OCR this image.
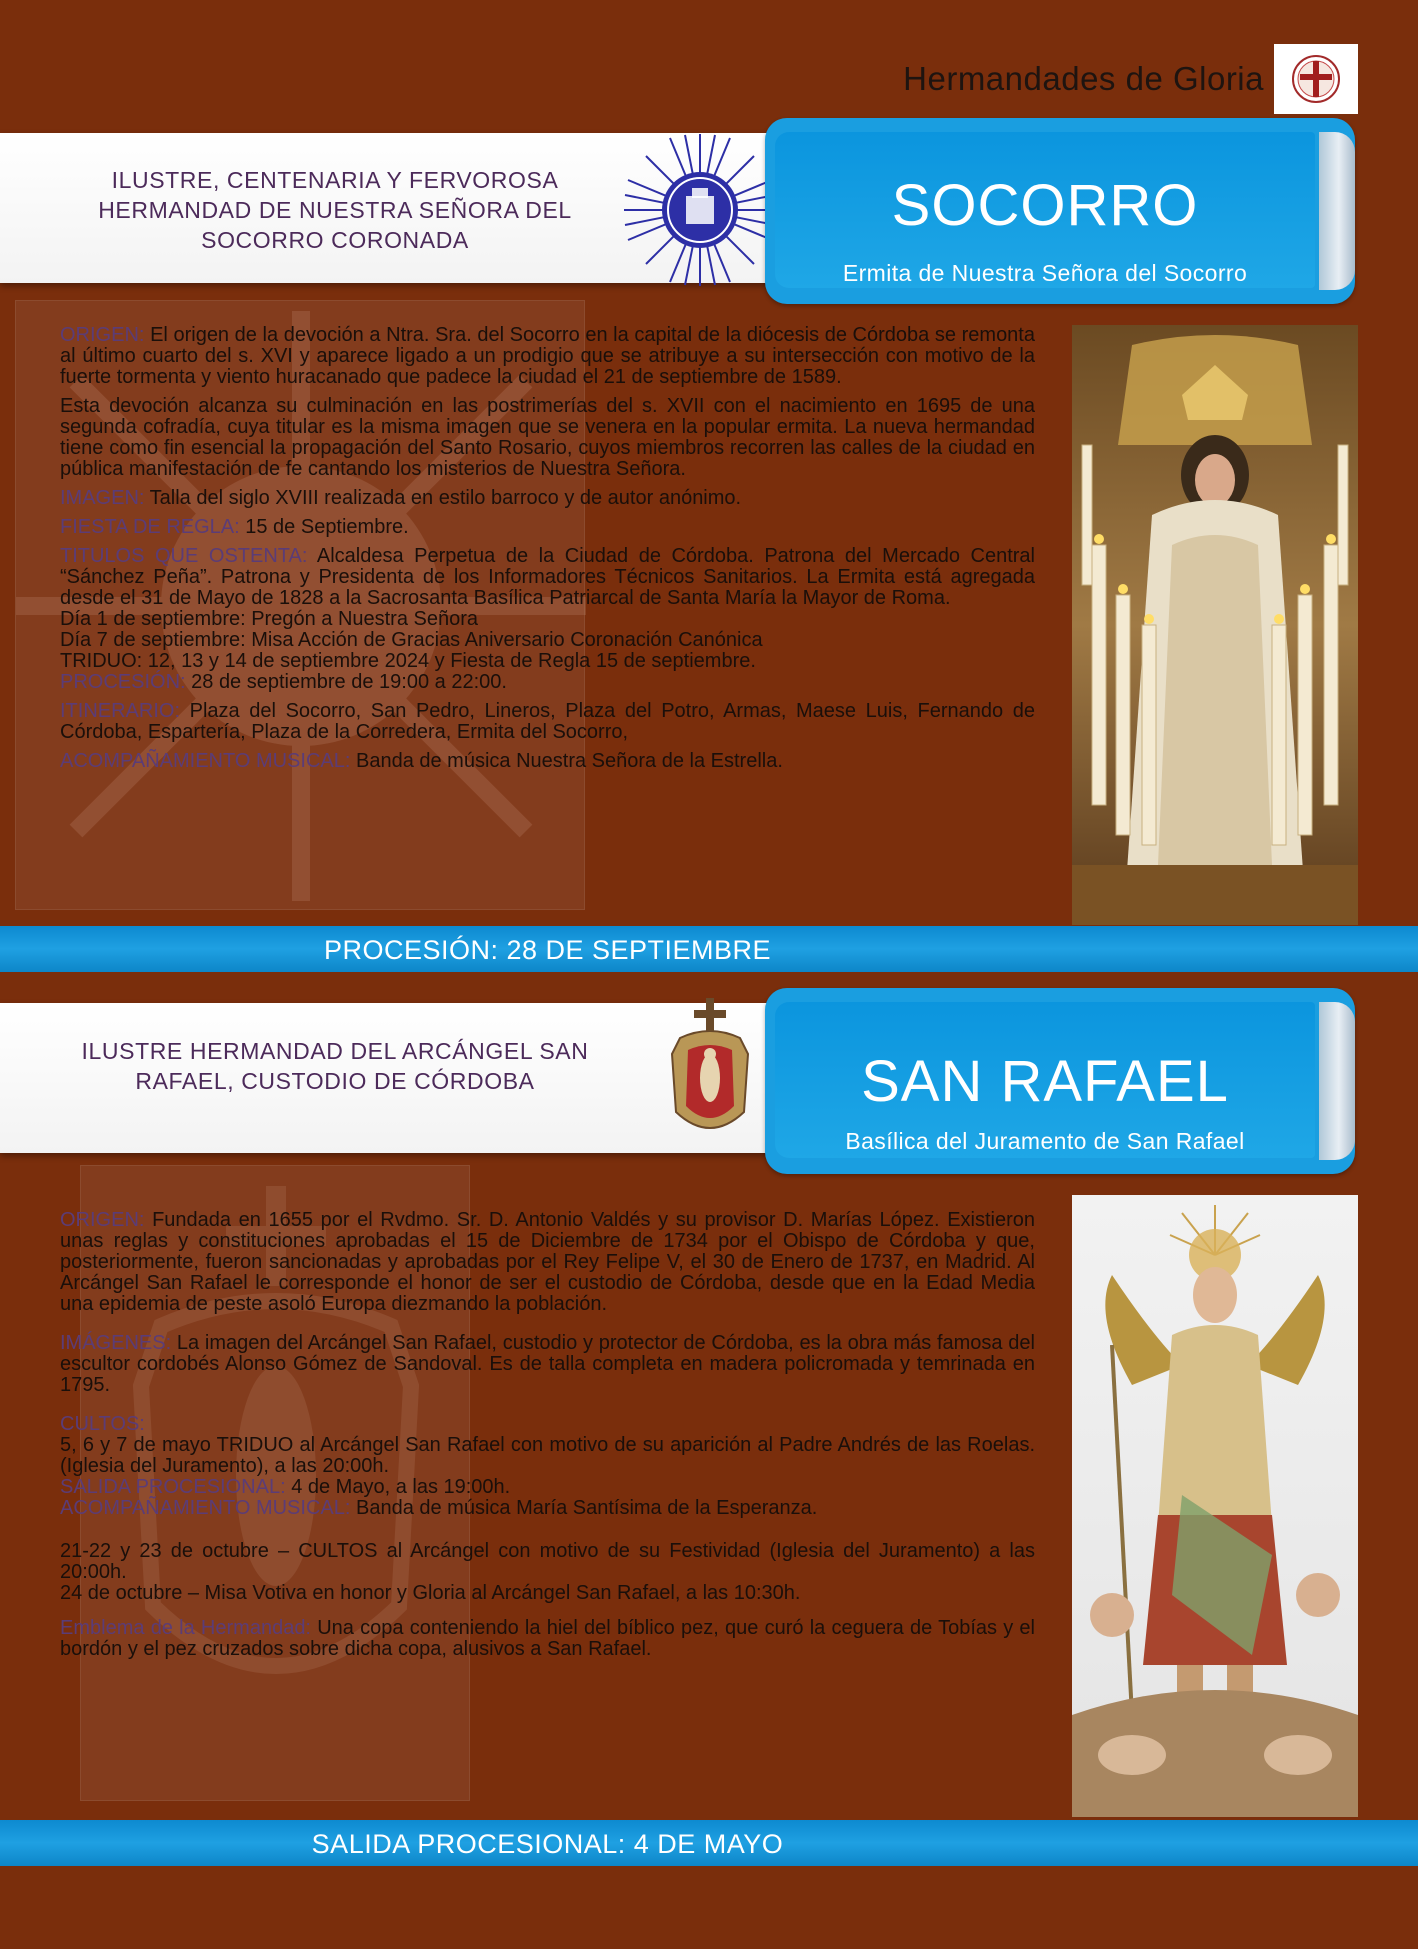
Hermandades de Gloria
ILUSTRE, CENTENARIA Y FERVOROSA HERMANDAD DE NUESTRA SEÑORA DEL SOCORRO CORONADA
SOCORRO
Ermita de Nuestra Señora del Socorro

ORIGEN: El origen de la devoción a Ntra. Sra. del Socorro en la capital de la diócesis de Córdoba se remonta al último cuarto del s. XVI y aparece ligado a un prodigio que se atribuye a su intersección con motivo de la fuerte tormenta y viento huracanado que padece la ciudad el 21 de septiembre de 1589.

Esta devoción alcanza su culminación en las postrimerías del s. XVII con el nacimiento en 1695 de una segunda cofradía, cuya titular es la misma imagen que se venera en la popular ermita. La nueva hermandad tiene como fin esencial la propagación del Santo Rosario, cuyos miembros recorren las calles de la ciudad en pública manifestación de fe cantando los misterios de Nuestra Señora.

IMAGEN: Talla del siglo XVIII realizada en estilo barroco y de autor anónimo.

FIESTA DE REGLA: 15 de Septiembre.

TITULOS QUE OSTENTA: Alcaldesa Perpetua de la Ciudad de Córdoba. Patrona del Mercado Central “Sánchez Peña”. Patrona y Presidenta de los Informadores Técnicos Sanitarios. La Ermita está agregada desde el 31 de Mayo de 1828 a la Sacrosanta Basílica Patriarcal de Santa María la Mayor de Roma.

Día 1 de septiembre: Pregón a Nuestra Señora

Día 7 de septiembre: Misa Acción de Gracias Aniversario Coronación Canónica

TRIDUO: 12, 13 y 14 de septiembre 2024 y Fiesta de Regla 15 de septiembre.

PROCESIÓN: 28 de septiembre de 19:00 a 22:00.

ITINERARIO: Plaza del Socorro, San Pedro, Lineros, Plaza del Potro, Armas, Maese Luis, Fernando de Córdoba, Espartería, Plaza de la Corredera, Ermita del Socorro,

ACOMPAÑAMIENTO MUSICAL: Banda de música Nuestra Señora de la Estrella.

PROCESIÓN: 28 DE SEPTIEMBRE
ILUSTRE HERMANDAD DEL ARCÁNGEL SAN RAFAEL, CUSTODIO DE CÓRDOBA	SAN RAFAEL
Basílica del Juramento de San Rafael

ORIGEN: Fundada en 1655 por el Rvdmo. Sr. D. Antonio Valdés y su provisor D. Marías López. Existieron unas reglas y constituciones aprobadas el 15 de Diciembre de 1734 por el Obispo de Córdoba y que, posteriormente, fueron sancionadas y aprobadas por el Rey Felipe V, el 30 de Enero de 1737, en Madrid. Al Arcángel San Rafael le corresponde el honor de ser el custodio de Córdoba, desde que en la Edad Media una epidemia de peste asoló Europa diezmando la población.

IMÁGENES: La imagen del Arcángel San Rafael, custodio y protector de Córdoba, es la obra más famosa del escultor cordobés Alonso Gómez de Sandoval. Es de talla completa en madera policromada y temrinada en 1795.

CULTOS:

5, 6 y 7 de mayo TRIDUO al Arcángel San Rafael con motivo de su aparición al Padre Andrés de las Roelas. (Iglesia del Juramento), a las 20:00h.

SALIDA PROCESIONAL: 4 de Mayo, a las 19:00h.

ACOMPAÑAMIENTO MUSICAL: Banda de música María Santísima de la Esperanza.

21-22 y 23 de octubre – CULTOS al Arcángel con motivo de su Festividad (Iglesia del Juramento) a las 20:00h.

24 de octubre – Misa Votiva en honor y Gloria al Arcángel San Rafael, a las 10:30h.

Emblema de la Hermandad: Una copa conteniendo la hiel del bíblico pez, que curó la ceguera de Tobías y el bordón y el pez cruzados sobre dicha copa, alusivos a San Rafael.

SALIDA PROCESIONAL: 4 DE MAYO
